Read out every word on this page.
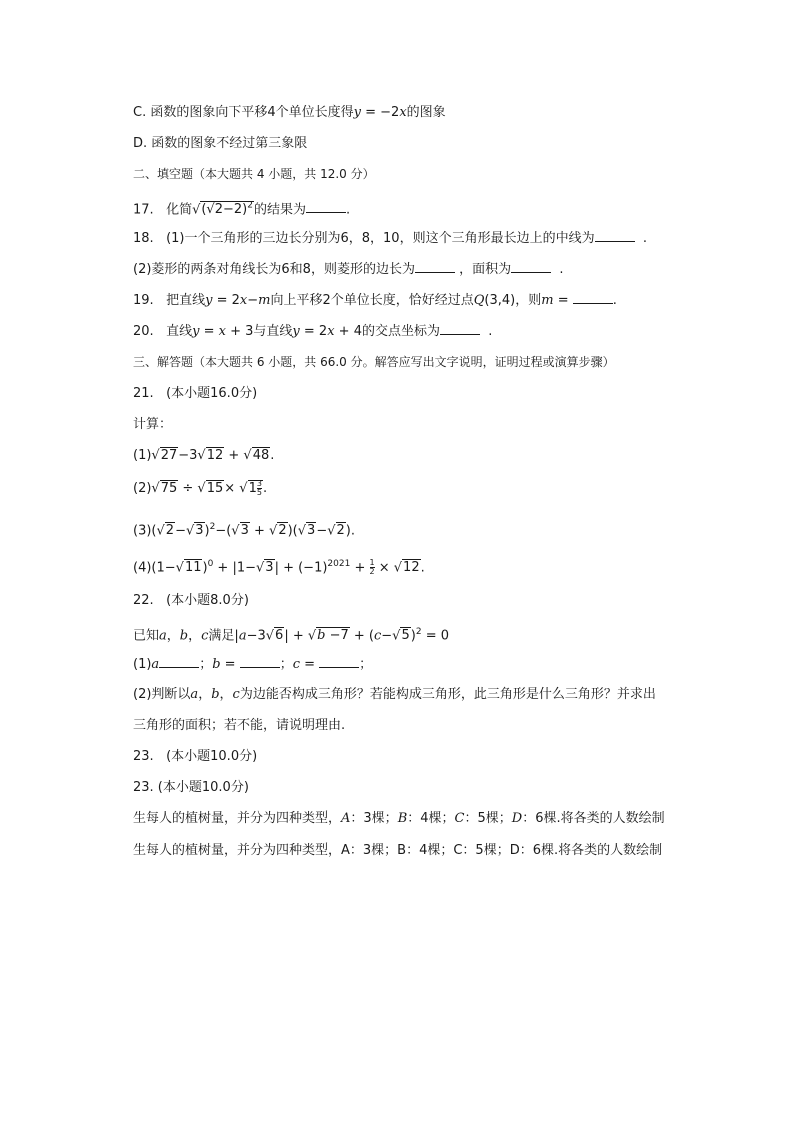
C. 函数的图象向下平移4个单位长度得y = −2x的图象
D. 函数的图象不经过第三象限
二、填空题（本大题共 4 小题，共 12.0 分）
17.   化简$√(√2-2)^2$的结果为	.
18.   (1)一个三角形的三边长分别为6，8，10，则这个三角形最长边上的中线为	.
(2)菱形的两条对角线长为6和8，则菱形的边长为	，面积为	.
19.   把直线y = 2x−m向上平移2个单位长度，恰好经过点Q(3,4)，则m =	.
20.   直线y = x + 3与直线y = 2x + 4的交点坐标为	.
三、解答题（本大题共 6 小题，共 66.0 分。解答应写出文字说明，证明过程或演算步骤）
21.   (本小题16.0分)
计算：
(1)√27−3√12 + √48.
$(2)√75 \div √15\times √1 \frac{3}{5}$ .
$(3)(√2-√3)^2-(√3 + √2)(√3-√2)$.
$(4)(1-√11)^0 + |1-√3| + (-1)^{2021} + \frac{1}{2} \times √12$.
22.   (本小题8.0分)
已知a，b，c满足$|a-3√6| + √b -7 + (c-√5)^2 = 0$
(1)a	；b =	；c =	；
(2)判断以a，b，c为边能否构成三角形？若能构成三角形，此三角形是什么三角形？并求出
三角形的面积；若不能，请说明理由.
23.   (本小题10.0分)
23. (本小题10.0分)
生每人的植树量，并分为四种类型，A：3棵；B：4棵；C：5棵；D：6棵.将各类的人数绘制
生每人的植树量，并分为四种类型，A：3棵；B：4棵；C：5棵；D：6棵.将各类的人数绘制
